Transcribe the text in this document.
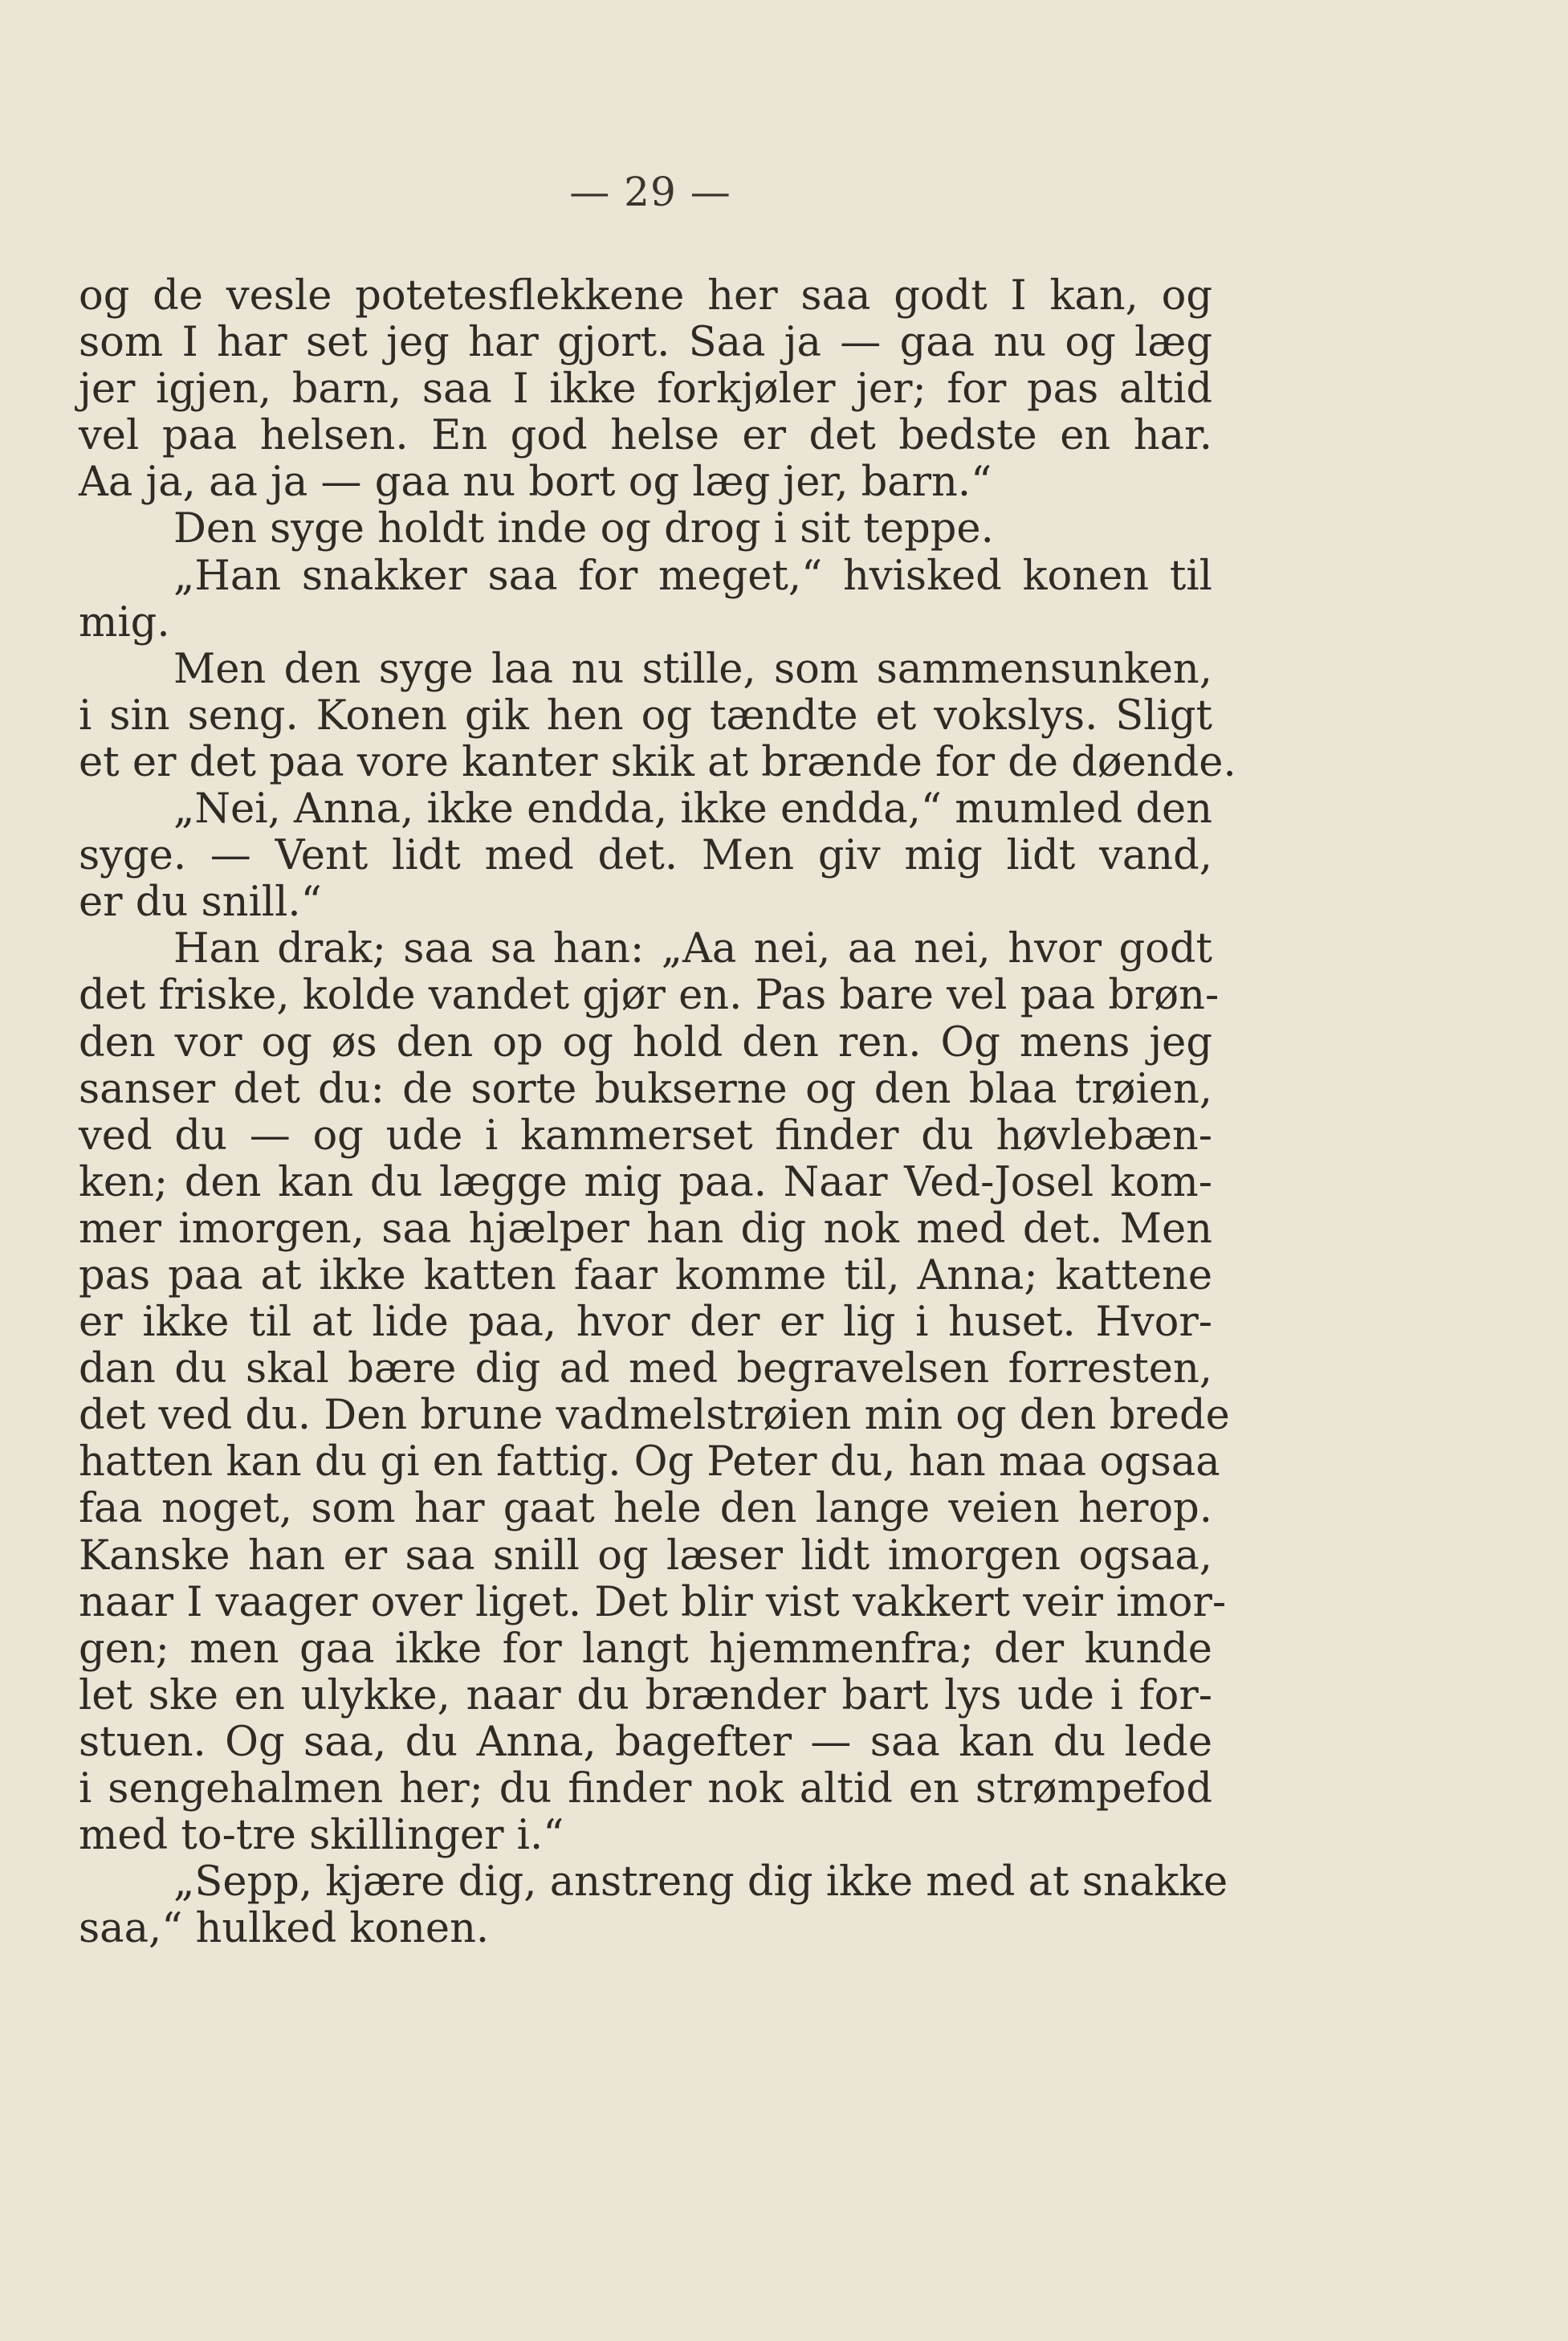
— 29 —
og de vesle potetesflekkene her saa godt I kan, og
som I har set jeg har gjort. Saa ja — gaa nu og læg
jer igjen, barn, saa I ikke forkjøler jer; for pas altid
vel paa helsen. En god helse er det bedste en har.
Aa ja, aa ja — gaa nu bort og læg jer, barn.“
Den syge holdt inde og drog i sit teppe.
„Han snakker saa for meget,“ hvisked konen til
mig.
Men den syge laa nu stille, som sammensunken,
i sin seng. Konen gik hen og tændte et vokslys. Sligt
et er det paa vore kanter skik at brænde for de døende.
„Nei, Anna, ikke endda, ikke endda,“ mumled den
syge. — Vent lidt med det. Men giv mig lidt vand,
er du snill.“
Han drak; saa sa han: „Aa nei, aa nei, hvor godt
det friske, kolde vandet gjør en. Pas bare vel paa brøn-
den vor og øs den op og hold den ren. Og mens jeg
sanser det du: de sorte bukserne og den blaa trøien,
ved du — og ude i kammerset finder du høvlebæn-
ken; den kan du lægge mig paa. Naar Ved-Josel kom-
mer imorgen, saa hjælper han dig nok med det. Men
pas paa at ikke katten faar komme til, Anna; kattene
er ikke til at lide paa, hvor der er lig i huset. Hvor-
dan du skal bære dig ad med begravelsen forresten,
det ved du. Den brune vadmelstrøien min og den brede
hatten kan du gi en fattig. Og Peter du, han maa ogsaa
faa noget, som har gaat hele den lange veien herop.
Kanske han er saa snill og læser lidt imorgen ogsaa,
naar I vaager over liget. Det blir vist vakkert veir imor-
gen; men gaa ikke for langt hjemmenfra; der kunde
let ske en ulykke, naar du brænder bart lys ude i for-
stuen. Og saa, du Anna, bagefter — saa kan du lede
i sengehalmen her; du finder nok altid en strømpefod
med to-tre skillinger i.“
„Sepp, kjære dig, anstreng dig ikke med at snakke
saa,“ hulked konen.
